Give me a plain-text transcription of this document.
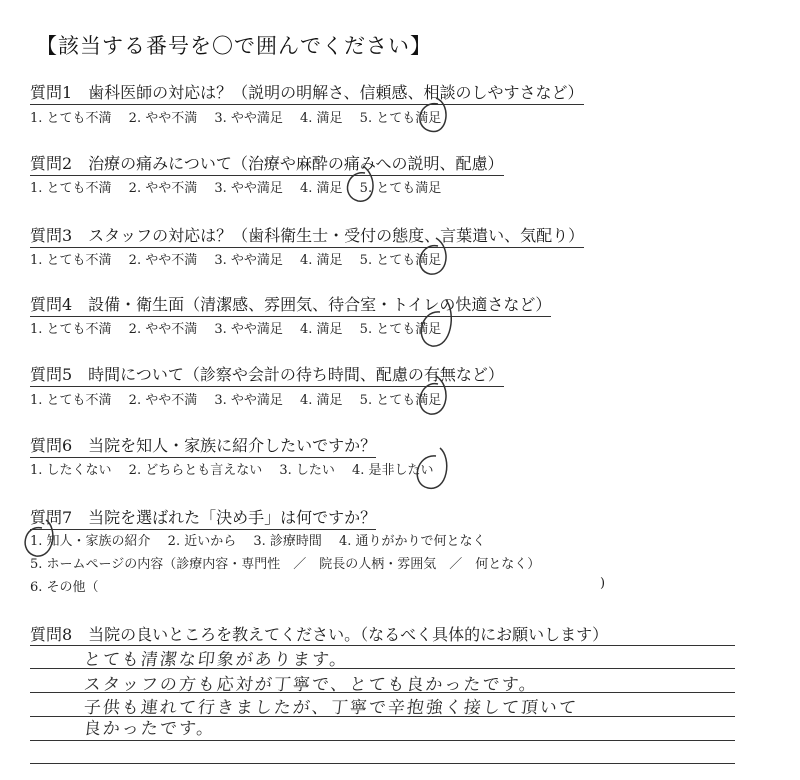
【該当する番号を〇で囲んでください】
質問1　歯科医師の対応は？（説明の明解さ、信頼感、相談のしやすさなど）
1. とても不満　 2. やや不満　 3. やや満足　 4. 満足　 5. とても満足
質問2　治療の痛みについて（治療や麻酔の痛みへの説明、配慮）
1. とても不満　 2. やや不満　 3. やや満足　 4. 満足　 5. とても満足
質問3　スタッフの対応は？（歯科衛生士・受付の態度、言葉遣い、気配り）
1. とても不満　 2. やや不満　 3. やや満足　 4. 満足　 5. とても満足
質問4　設備・衛生面（清潔感、雰囲気、待合室・トイレの快適さなど）
1. とても不満　 2. やや不満　 3. やや満足　 4. 満足　 5. とても満足
質問5　時間について（診察や会計の待ち時間、配慮の有無など）
1. とても不満　 2. やや不満　 3. やや満足　 4. 満足　 5. とても満足
質問6　当院を知人・家族に紹介したいですか？
1. したくない　 2. どちらとも言えない　 3. したい　 4. 是非したい
質問7　当院を選ばれた「決め手」は何ですか？
1. 知人・家族の紹介　 2. 近いから　 3. 診療時間　 4. 通りがかりで何となく
5. ホームページの内容（診療内容・専門性　／　院長の人柄・雰囲気　／　何となく）
6. その他（	)
質問8　当院の良いところを教えてください。（なるべく具体的にお願いします）
とても清潔な印象があります。
スタッフの方も応対が丁寧で、とても良かったです。
子供も連れて行きましたが、丁寧で辛抱強く接して頂いて
良かったです。
